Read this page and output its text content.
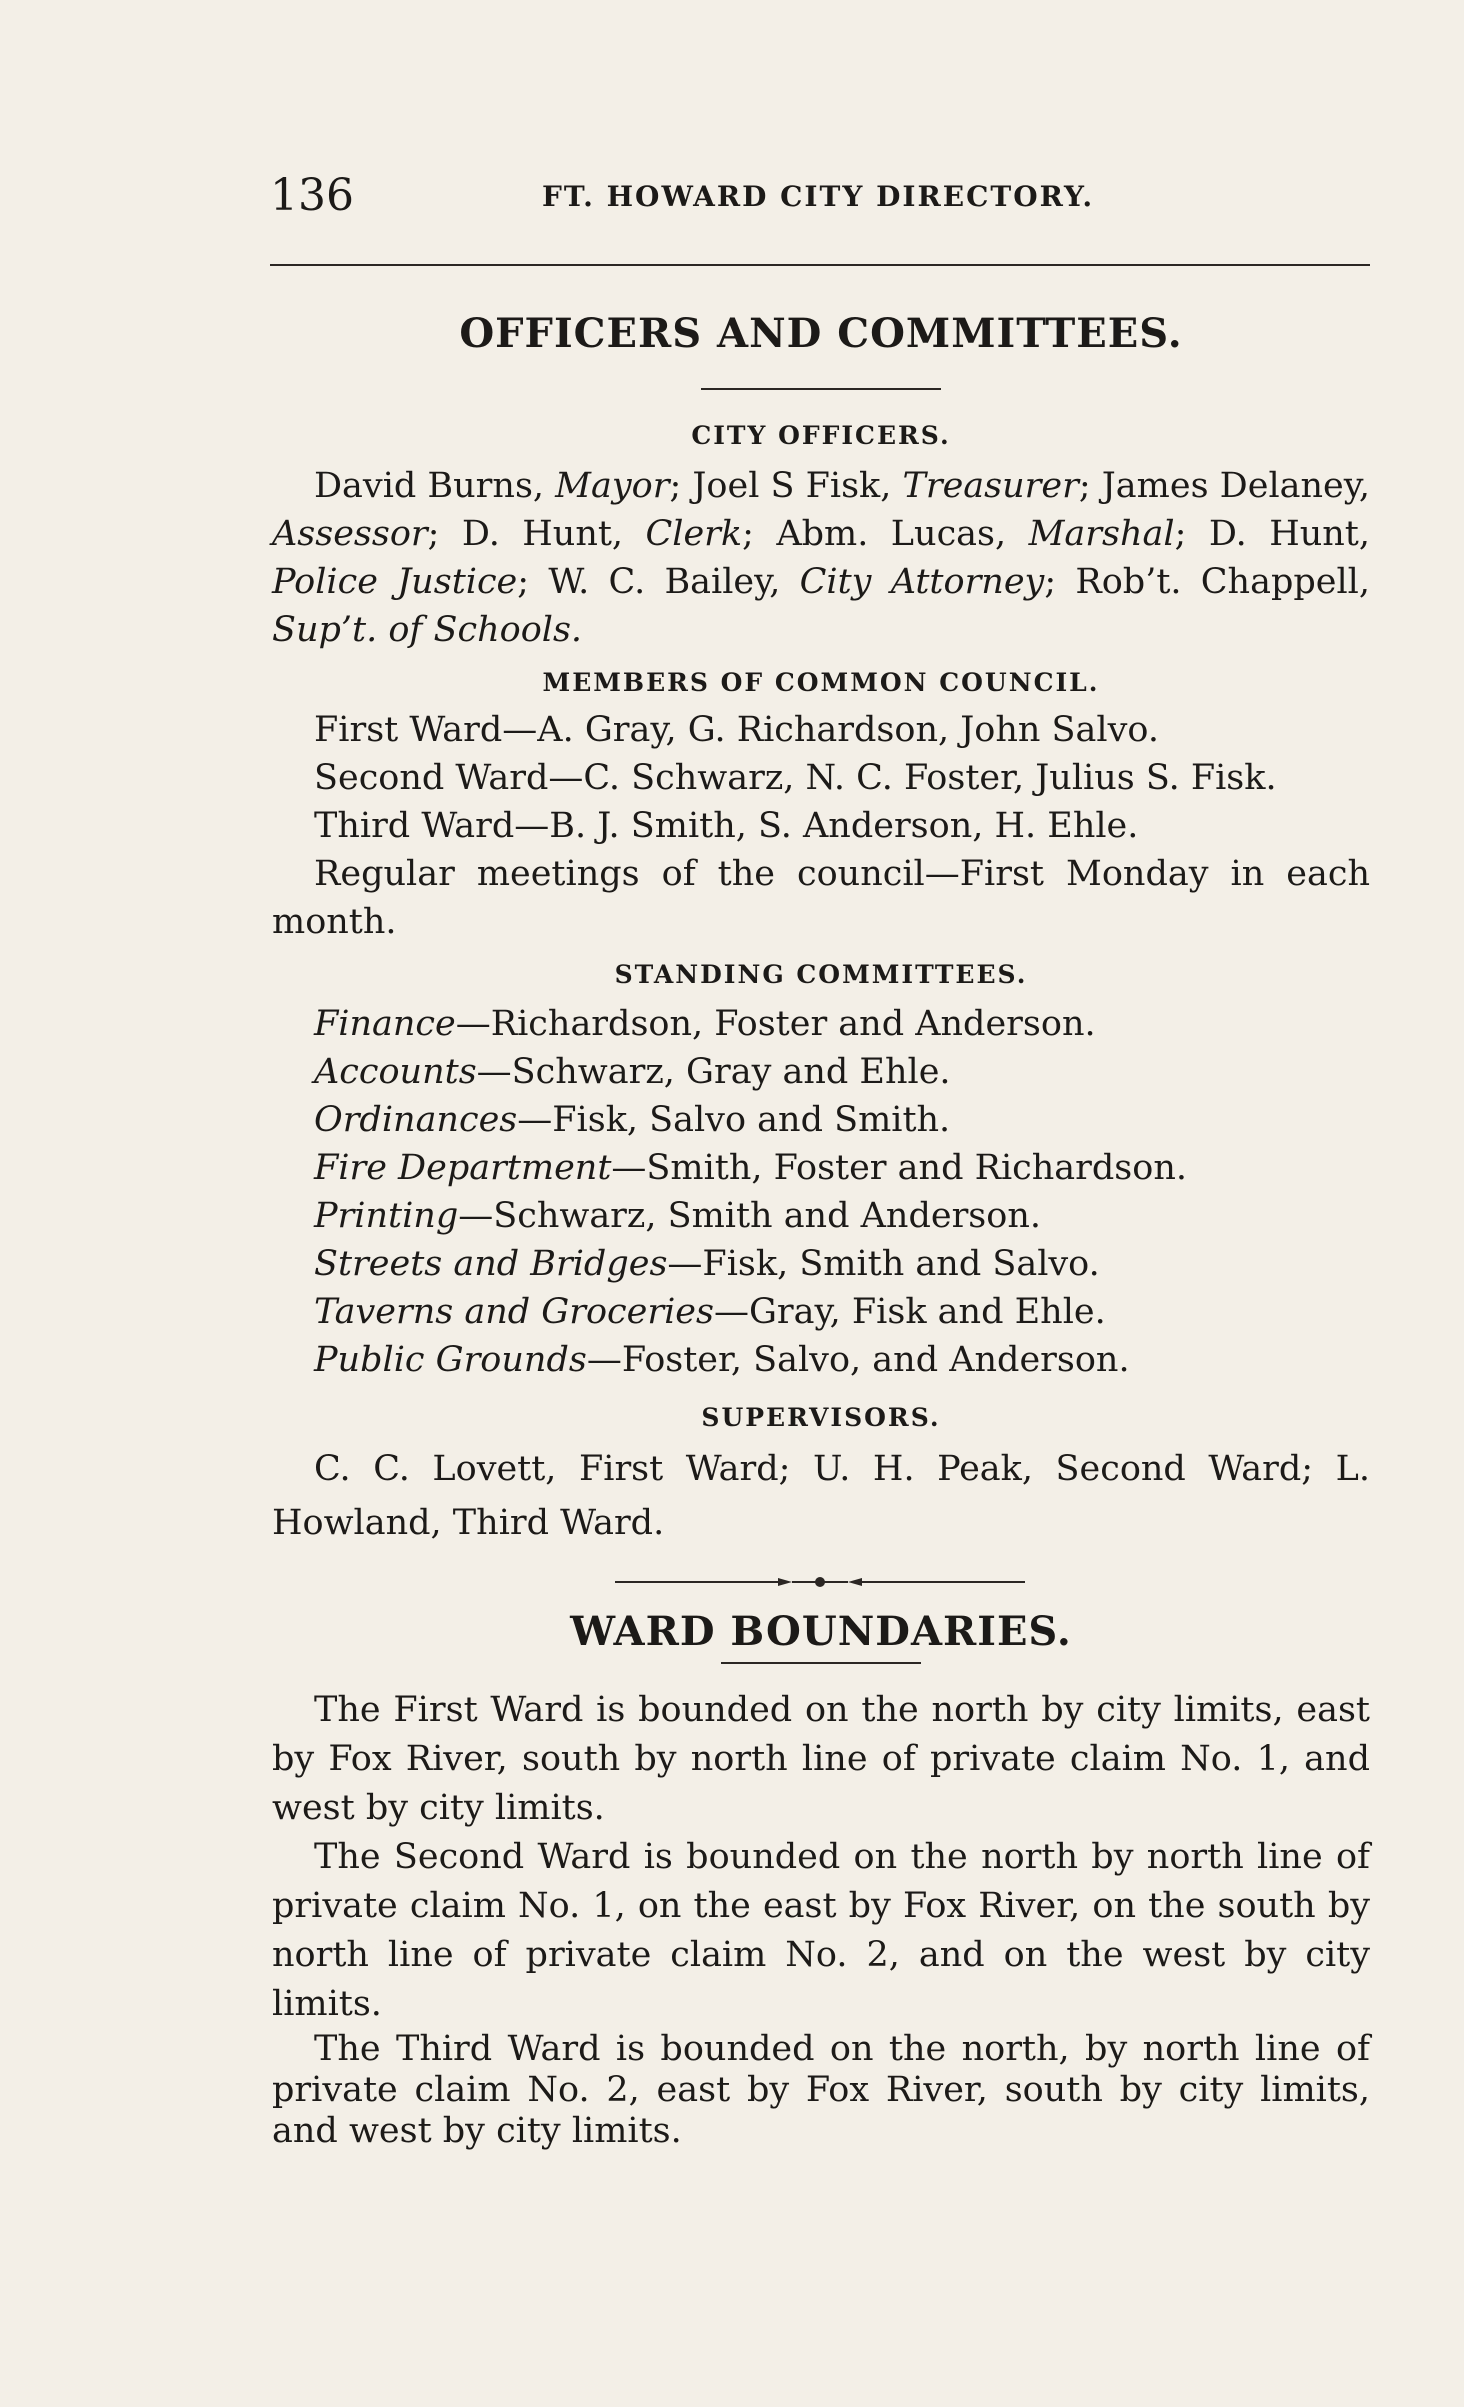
136	FT. HOWARD CITY DIRECTORY.
OFFICERS AND COMMITTEES.
CITY OFFICERS.

David Burns, Mayor; Joel S Fisk, Treasurer; James Delaney, Assessor; D. Hunt, Clerk; Abm. Lucas, Marshal; D. Hunt, Police Justice; W. C. Bailey, City Attorney; Rob’t. Chappell, Sup’t. of Schools.

MEMBERS OF COMMON COUNCIL.

First Ward—A. Gray, G. Richardson, John Salvo.

Second Ward—C. Schwarz, N. C. Foster, Julius S. Fisk.

Third Ward—B. J. Smith, S. Anderson, H. Ehle.

Regular meetings of the council—First Monday in each month.

STANDING COMMITTEES.

Finance—Richardson, Foster and Anderson.

Accounts—Schwarz, Gray and Ehle.

Ordinances—Fisk, Salvo and Smith.

Fire Department—Smith, Foster and Richardson.

Printing—Schwarz, Smith and Anderson.

Streets and Bridges—Fisk, Smith and Salvo.

Taverns and Groceries—Gray, Fisk and Ehle.

Public Grounds—Foster, Salvo, and Anderson.

SUPERVISORS.

C. C. Lovett, First Ward; U. H. Peak, Second Ward; L. Howland, Third Ward.

WARD BOUNDARIES.

The First Ward is bounded on the north by city limits, east by Fox River, south by north line of private claim No. 1, and west by city limits.

The Second Ward is bounded on the north by north line of private claim No. 1, on the east by Fox River, on the south by north line of private claim No. 2, and on the west by city limits.

The Third Ward is bounded on the north, by north line of private claim No. 2, east by Fox River, south by city limits, and west by city limits.
